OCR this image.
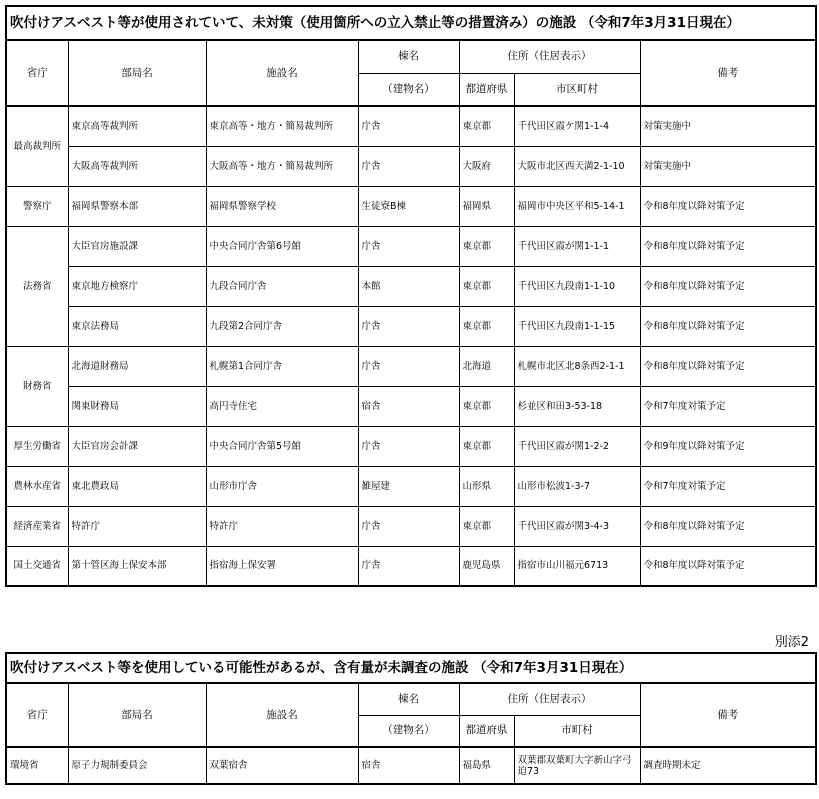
吹付けアスベスト等が使用されていて、未対策（使用箇所への立入禁止等の措置済み）の施設 （令和7年3月31日現在）						
省庁	部局名	施設名	棟名	住所（住居表示）		備考
			（建物名）	都道府県	市区町村	
最高裁判所	東京高等裁判所	東京高等・地方・簡易裁判所	庁舎	東京都	千代田区霞ケ関1-1-4	対策実施中
	大阪高等裁判所	大阪高等・地方・簡易裁判所	庁舎	大阪府	大阪市北区西天満2-1-10	対策実施中
警察庁	福岡県警察本部	福岡県警察学校	生徒寮B棟	福岡県	福岡市中央区平和5-14-1	令和8年度以降対策予定
法務省	大臣官房施設課	中央合同庁舎第6号館	庁舎	東京都	千代田区霞が関1-1-1	令和8年度以降対策予定
	東京地方検察庁	九段合同庁舎	本館	東京都	千代田区九段南1-1-10	令和8年度以降対策予定
	東京法務局	九段第2合同庁舎	庁舎	東京都	千代田区九段南1-1-15	令和8年度以降対策予定
財務省	北海道財務局	札幌第1合同庁舎	庁舎	北海道	札幌市北区北8条西2-1-1	令和8年度以降対策予定
	関東財務局	高円寺住宅	宿舎	東京都	杉並区和田3-53-18	令和7年度対策予定
厚生労働省	大臣官房会計課	中央合同庁舎第5号館	庁舎	東京都	千代田区霞が関1-2-2	令和9年度以降対策予定
農林水産省	東北農政局	山形市庁舎	雑屋建	山形県	山形市松波1-3-7	令和7年度対策予定
経済産業省	特許庁	特許庁	庁舎	東京都	千代田区霞が関3-4-3	令和8年度以降対策予定
国土交通省	第十管区海上保安本部	指宿海上保安署	庁舎	鹿児島県	指宿市山川福元6713	令和8年度以降対策予定
別添2
吹付けアスベスト等を使用している可能性があるが、含有量が未調査の施設 （令和7年3月31日現在）						
省庁	部局名	施設名	棟名	住所（住居表示）		備考
			（建物名）	都道府県	市町村	
環境省	原子力規制委員会	双葉宿舎	宿舎	福島県	双葉郡双葉町大字新山字弓迫73	調査時期未定
